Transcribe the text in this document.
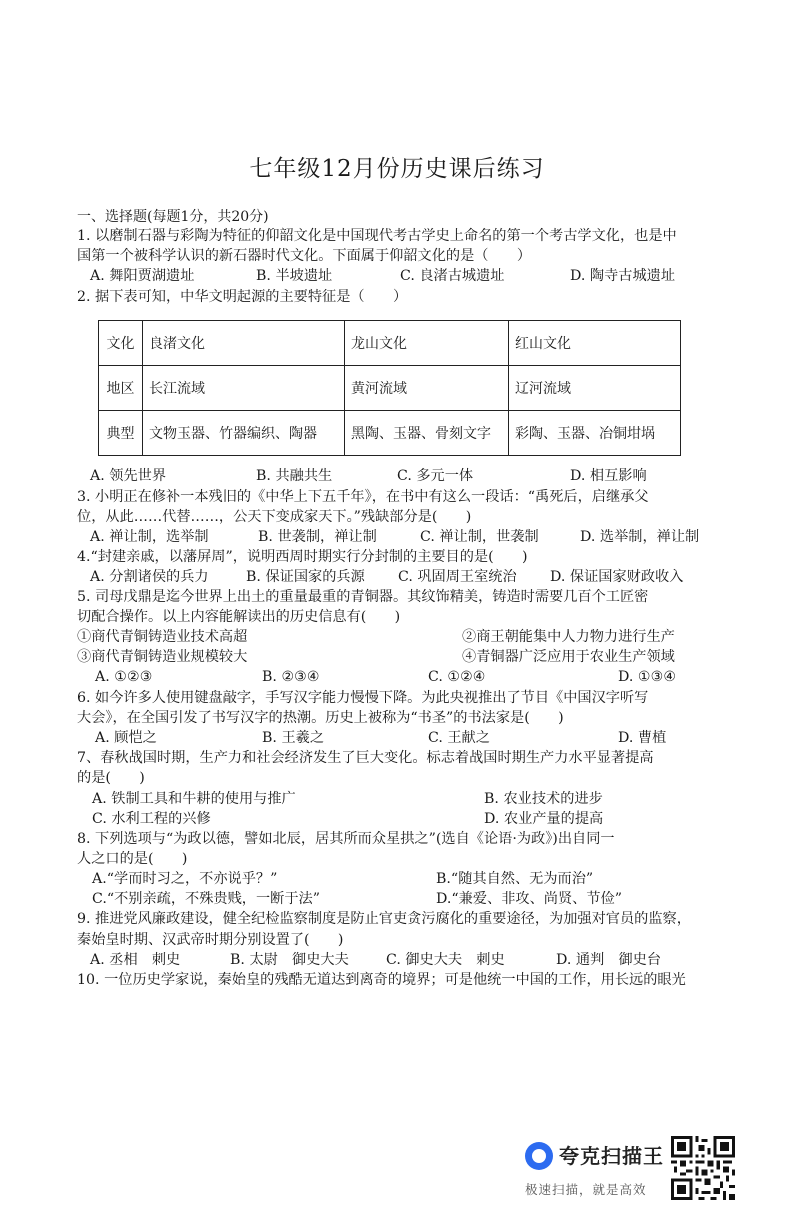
七年级12月份历史课后练习
一、选择题(每题1分，共20分)
1. 以磨制石器与彩陶为特征的仰韶文化是中国现代考古学史上命名的第一个考古学文化，也是中
国第一个被科学认识的新石器时代文化。下面属于仰韶文化的是（　　）
A. 舞阳贾湖遗址	B. 半坡遗址	C. 良渚古城遗址	D. 陶寺古城遗址
2. 据下表可知，中华文明起源的主要特征是（　　）
文化	良渚文化	龙山文化	红山文化
地区	长江流域	黄河流域	辽河流域
典型	文物玉器、竹器编织、陶器	黑陶、玉器、骨刻文字	彩陶、玉器、冶铜坩埚
A. 领先世界	B. 共融共生	C. 多元一体	D. 相互影响
3. 小明正在修补一本残旧的《中华上下五千年》，在书中有这么一段话：“禹死后，启继承父
位，从此……代替……，公天下变成家天下。”残缺部分是(　　)
A. 禅让制，选举制	B. 世袭制，禅让制	C. 禅让制，世袭制	D. 选举制，禅让制
4.“封建亲戚，以藩屏周”，说明西周时期实行分封制的主要目的是(　　)
A. 分割诸侯的兵力	B. 保证国家的兵源 C. 巩固周王室统治 D. 保证国家财政收入
5. 司母戊鼎是迄今世界上出土的重量最重的青铜器。其纹饰精美，铸造时需要几百个工匠密
切配合操作。以上内容能解读出的历史信息有(　　)
①商代青铜铸造业技术高超	②商王朝能集中人力物力进行生产
③商代青铜铸造业规模较大	④青铜器广泛应用于农业生产领域
A. ①②③	B. ②③④	C. ①②④	D. ①③④
6. 如今许多人使用键盘敲字，手写汉字能力慢慢下降。为此央视推出了节目《中国汉字听写
大会》，在全国引发了书写汉字的热潮。历史上被称为“书圣”的书法家是(　　)
A. 顾恺之	B. 王羲之	C. 王献之	D. 曹植
7、春秋战国时期，生产力和社会经济发生了巨大变化。标志着战国时期生产力水平显著提高
的是(　　)
A. 铁制工具和牛耕的使用与推广	B. 农业技术的进步
C. 水利工程的兴修	D. 农业产量的提高
8. 下列选项与“为政以德，譬如北辰，居其所而众星拱之”(选自《论语·为政》)出自同一
人之口的是(　　)
A.“学而时习之，不亦说乎？”	B.“随其自然、无为而治”
C.“不别亲疏，不殊贵贱，一断于法”	D.“兼爱、非攻、尚贤、节俭”
9. 推进党风廉政建设，健全纪检监察制度是防止官吏贪污腐化的重要途径，为加强对官员的监察，
秦始皇时期、汉武帝时期分别设置了(　　)
A. 丞相　刺史	B. 太尉　御史大夫	C. 御史大夫　刺史	D. 通判　御史台
10. 一位历史学家说，秦始皇的残酷无道达到离奇的境界；可是他统一中国的工作，用长远的眼光
夸克扫描王
极速扫描，就是高效
